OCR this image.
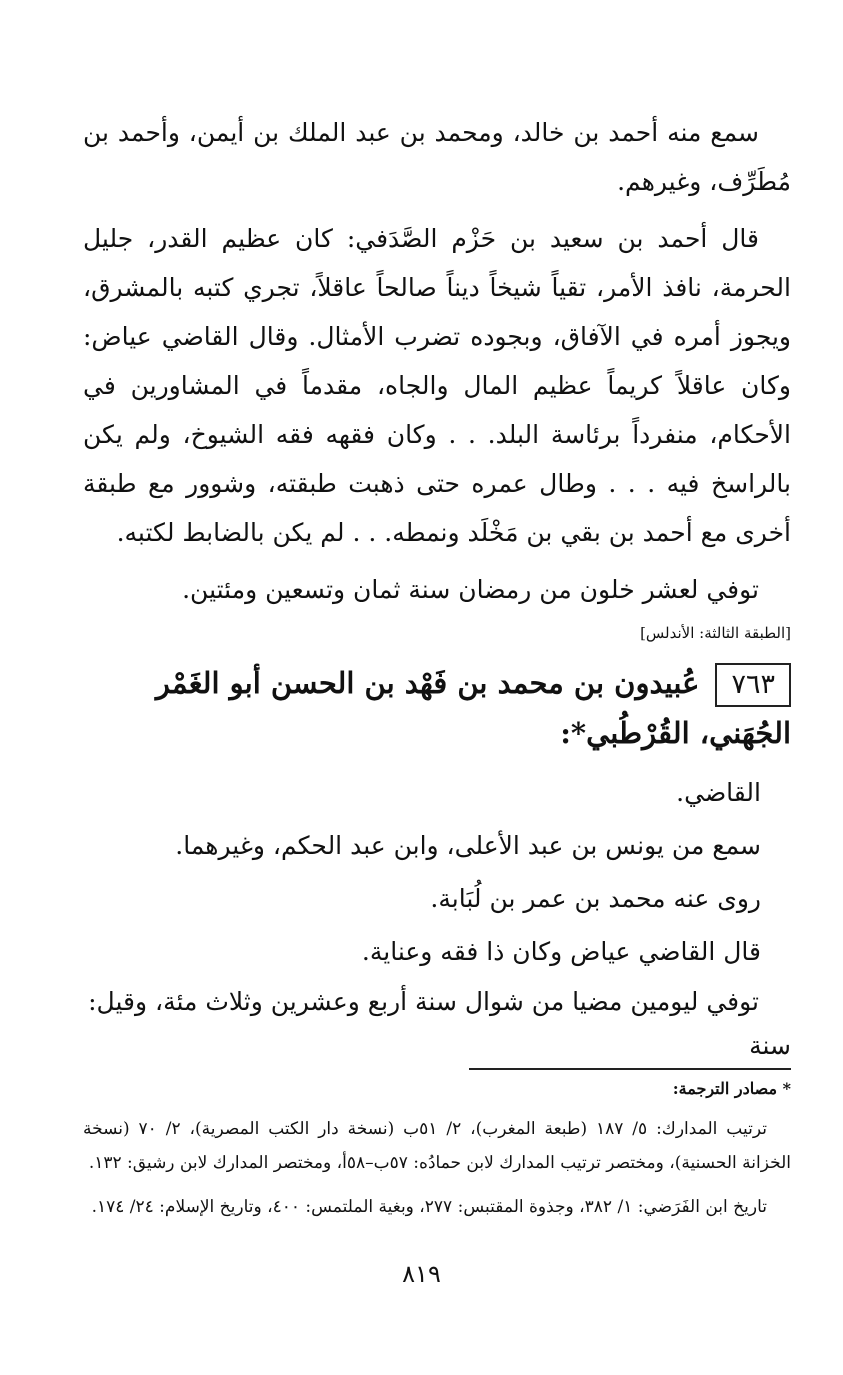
سمع منه أحمد بن خالد، ومحمد بن عبد الملك بن أيمن، وأحمد بن مُطَرِّف، وغيرهم.

قال أحمد بن سعيد بن حَزْم الصَّدَفي: كان عظيم القدر، جليل الحرمة، نافذ الأمر، تقياً شيخاً ديناً صالحاً عاقلاً، تجري كتبه بالمشرق، ويجوز أمره في الآفاق، وبجوده تضرب الأمثال. وقال القاضي عياض: وكان عاقلاً كريماً عظيم المال والجاه، مقدماً في المشاورين في الأحكام، منفرداً برئاسة البلد. . . وكان فقهه فقه الشيوخ، ولم يكن بالراسخ فيه . . . وطال عمره حتى ذهبت طبقته، وشوور مع طبقة أخرى مع أحمد بن بقي بن مَخْلَد ونمطه. . . لم يكن بالضابط لكتبه.

توفي لعشر خلون من رمضان سنة ثمان وتسعين ومئتين.

[الطبقة الثالثة: الأندلس]
٧٦٣عُبيدون بن محمد بن فَهْد بن الحسن أبو الغَمْر الجُهَني، القُرْطُبي*:

القاضي.

سمع من يونس بن عبد الأعلى، وابن عبد الحكم، وغيرهما.

روى عنه محمد بن عمر بن لُبَابة.

قال القاضي عياض وكان ذا فقه وعناية.

توفي ليومين مضيا من شوال سنة أربع وعشرين وثلاث مئة، وقيل: سنة

* مصادر الترجمة:

ترتيب المدارك: ٥/ ١٨٧ (طبعة المغرب)، ٢/ ٥١ب (نسخة دار الكتب المصرية)، ٢/ ٧٠ (نسخة الخزانة الحسنية)، ومختصر ترتيب المدارك لابن حمادُه: ٥٧ب–٥٨أ، ومختصر المدارك لابن رشيق: ١٣٢.

تاريخ ابن الفَرَضي: ١/ ٣٨٢، وجذوة المقتبس: ٢٧٧، وبغية الملتمس: ٤٠٠، وتاريخ الإسلام: ٢٤/ ١٧٤.

٨١٩
